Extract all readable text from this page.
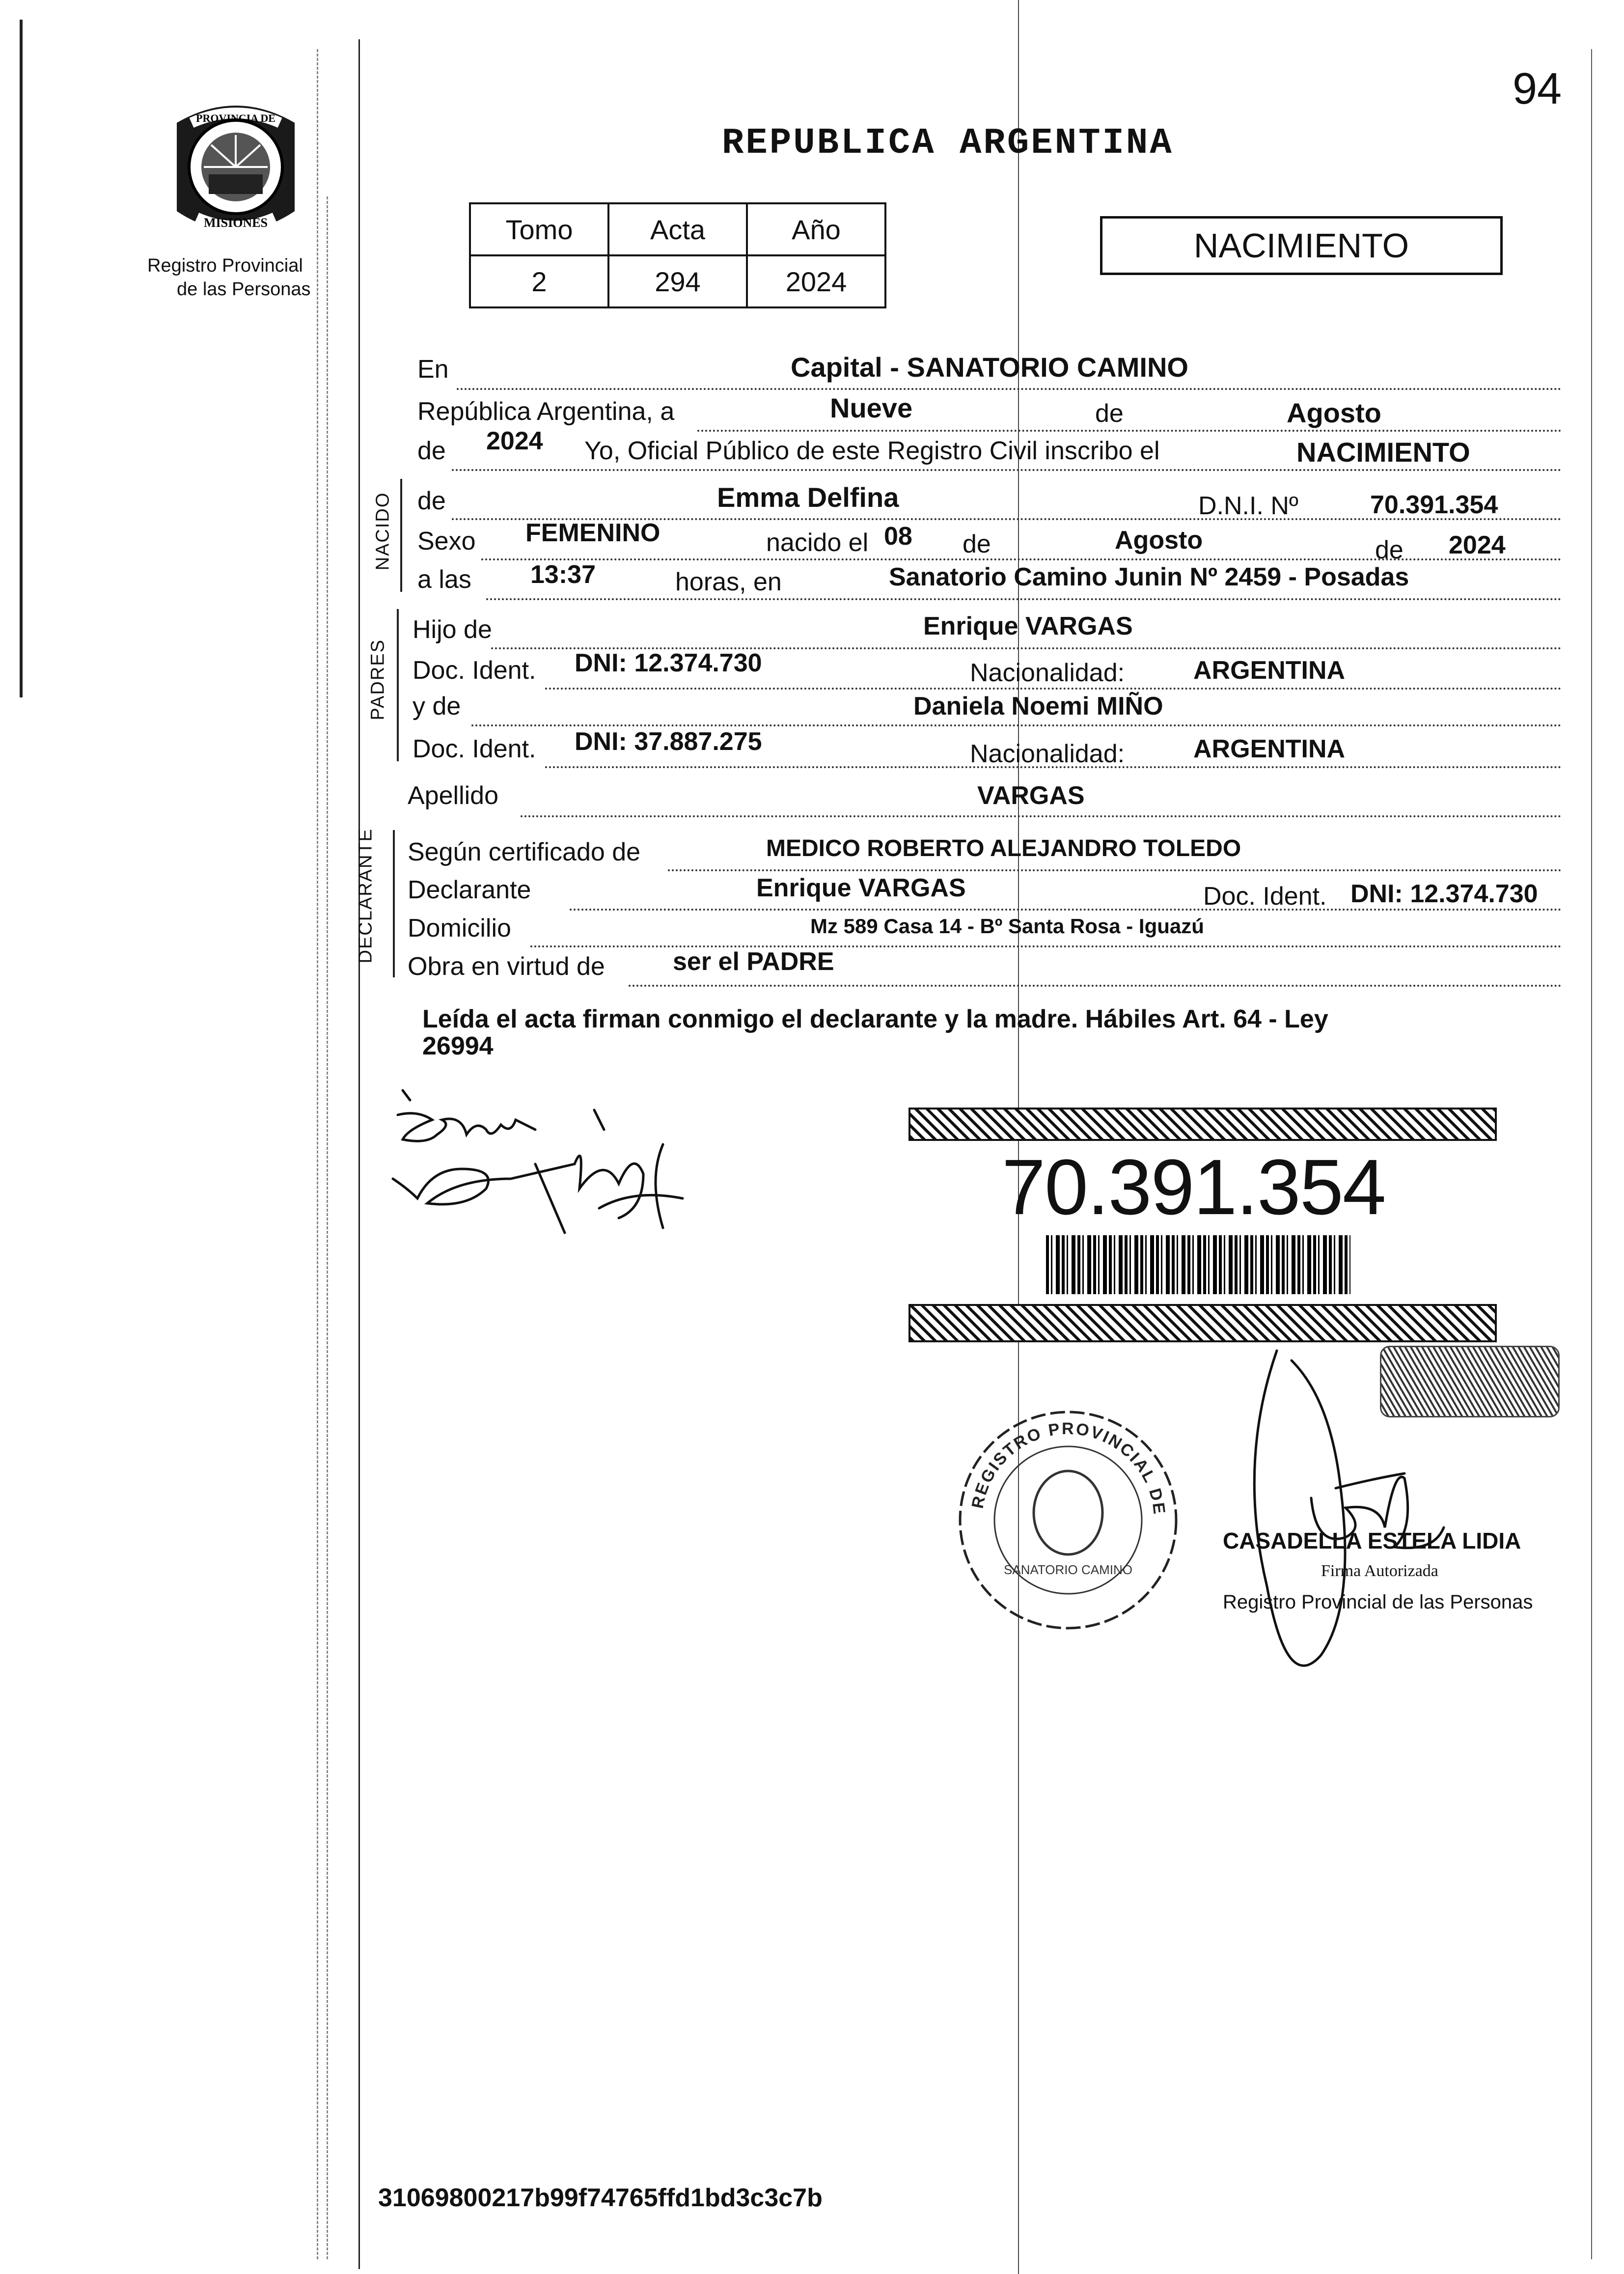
94
PROVINCIA DE
MISIONES
Registro Provincial
de las Personas
REPUBLICA ARGENTINA
Tomo	Acta	Año
2	294	2024
NACIMIENTO
En	Capital - SANATORIO CAMINO
República Argentina, a	Nueve	de	Agosto
de 2024 Yo, Oficial Público de este Registro Civil inscribo el	NACIMIENTO
NACIDO de	Emma Delfina	D.N.I. Nº	70.391.354
Sexo FEMENINO	nacido el 08 de	Agosto	de 2024
a las 13:37	horas, en	Sanatorio Camino Junin Nº 2459 - Posadas
PADRES
Hijo de	Enrique VARGAS
Doc. Ident. DNI: 12.374.730	Nacionalidad:	ARGENTINA
y de	Daniela Noemi MIÑO
Doc. Ident. DNI: 37.887.275	Nacionalidad:	ARGENTINA
Apellido	VARGAS
DECLARANTE Según certificado de	MEDICO ROBERTO ALEJANDRO TOLEDO
Declarante	Enrique VARGAS	Doc. Ident. DNI: 12.374.730
Domicilio	Mz 589 Casa 14 - Bº Santa Rosa - Iguazú
Obra en virtud de	ser el PADRE
Leída el acta firman conmigo el declarante y la madre. Hábiles Art. 64 - Ley
26994
70.391.354
REGISTRO PROVINCIAL DE
SANATORIO CAMINO
CASADELLA ESTELA LIDIA
Firma Autorizada
Registro Provincial de las Personas
31069800217b99f74765ffd1bd3c3c7b
